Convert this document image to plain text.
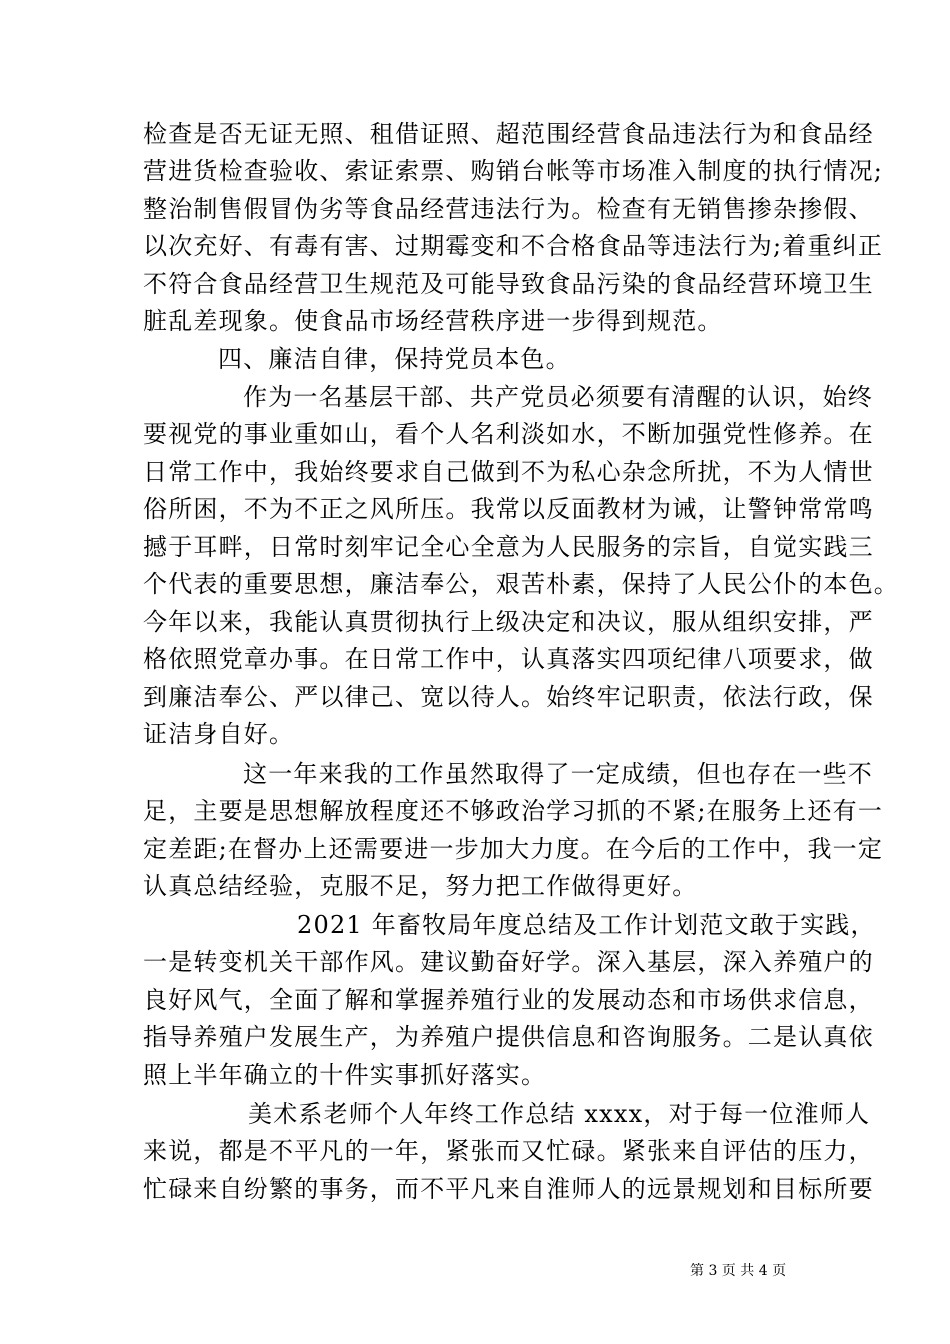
检查是否无证无照、租借证照、超范围经营食品违法行为和食品经
营进货检查验收、索证索票、购销台帐等市场准入制度的执行情况;
整治制售假冒伪劣等食品经营违法行为。检查有无销售掺杂掺假、
以次充好、有毒有害、过期霉变和不合格食品等违法行为;着重纠正
不符合食品经营卫生规范及可能导致食品污染的食品经营环境卫生
脏乱差现象。使食品市场经营秩序进一步得到规范。
四、廉洁自律，保持党员本色。
作为一名基层干部、共产党员必须要有清醒的认识，始终
要视党的事业重如山，看个人名利淡如水，不断加强党性修养。在
日常工作中，我始终要求自己做到不为私心杂念所扰，不为人情世
俗所困，不为不正之风所压。我常以反面教材为诫，让警钟常常鸣
撼于耳畔，日常时刻牢记全心全意为人民服务的宗旨，自觉实践三
个代表的重要思想，廉洁奉公，艰苦朴素，保持了人民公仆的本色。
今年以来，我能认真贯彻执行上级决定和决议，服从组织安排，严
格依照党章办事。在日常工作中，认真落实四项纪律八项要求，做
到廉洁奉公、严以律己、宽以待人。始终牢记职责，依法行政，保
证洁身自好。
这一年来我的工作虽然取得了一定成绩，但也存在一些不
足，主要是思想解放程度还不够政治学习抓的不紧;在服务上还有一
定差距;在督办上还需要进一步加大力度。在今后的工作中，我一定
认真总结经验，克服不足，努力把工作做得更好。
2021 年畜牧局年度总结及工作计划范文敢于实践，
一是转变机关干部作风。建议勤奋好学。深入基层，深入养殖户的
良好风气，全面了解和掌握养殖行业的发展动态和市场供求信息，
指导养殖户发展生产，为养殖户提供信息和咨询服务。二是认真依
照上半年确立的十件实事抓好落实。
美术系老师个人年终工作总结 xxxx，对于每一位淮师人
来说，都是不平凡的一年，紧张而又忙碌。紧张来自评估的压力，
忙碌来自纷繁的事务，而不平凡来自淮师人的远景规划和目标所要
第 3 页 共 4 页
